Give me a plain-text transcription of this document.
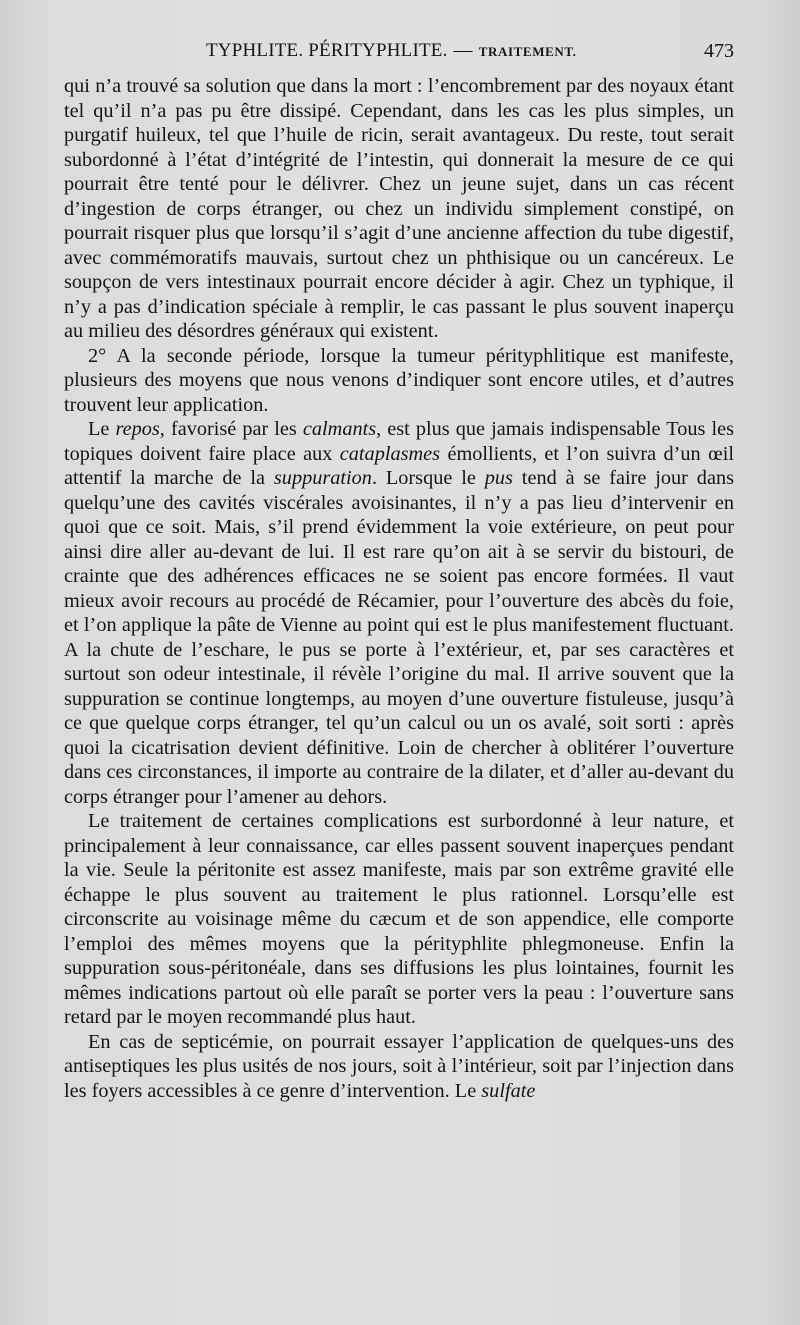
TYPHLITE. PÉRITYPHLITE. — TRAITEMENT.	473

qui n’a trouvé sa solution que dans la mort : l’encombrement par des noyaux étant tel qu’il n’a pas pu être dissipé. Cependant, dans les cas les plus simples, un purgatif huileux, tel que l’huile de ricin, serait avantageux. Du reste, tout serait subordonné à l’état d’intégrité de l’intestin, qui donnerait la mesure de ce qui pourrait être tenté pour le délivrer. Chez un jeune sujet, dans un cas récent d’ingestion de corps étranger, ou chez un individu simplement constipé, on pourrait risquer plus que lorsqu’il s’agit d’une ancienne affection du tube digestif, avec commémoratifs mauvais, surtout chez un phthisique ou un cancéreux. Le soupçon de vers intestinaux pourrait encore décider à agir. Chez un typhique, il n’y a pas d’indication spéciale à remplir, le cas passant le plus souvent inaperçu au milieu des désordres généraux qui existent.

2° A la seconde période, lorsque la tumeur pérityphlitique est manifeste, plusieurs des moyens que nous venons d’indiquer sont encore utiles, et d’autres trouvent leur application.

Le repos, favorisé par les calmants, est plus que jamais indispensable Tous les topiques doivent faire place aux cataplasmes émollients, et l’on suivra d’un œil attentif la marche de la suppuration. Lorsque le pus tend à se faire jour dans quelqu’une des cavités viscérales avoisinantes, il n’y a pas lieu d’intervenir en quoi que ce soit. Mais, s’il prend évidemment la voie extérieure, on peut pour ainsi dire aller au-devant de lui. Il est rare qu’on ait à se servir du bistouri, de crainte que des adhérences efficaces ne se soient pas encore formées. Il vaut mieux avoir recours au procédé de Récamier, pour l’ouverture des abcès du foie, et l’on applique la pâte de Vienne au point qui est le plus manifestement fluctuant. A la chute de l’eschare, le pus se porte à l’extérieur, et, par ses caractères et surtout son odeur intestinale, il révèle l’origine du mal. Il arrive souvent que la suppuration se continue longtemps, au moyen d’une ouverture fistuleuse, jusqu’à ce que quelque corps étranger, tel qu’un calcul ou un os avalé, soit sorti : après quoi la cicatrisation devient définitive. Loin de chercher à oblitérer l’ouverture dans ces circonstances, il importe au contraire de la dilater, et d’aller au-devant du corps étranger pour l’amener au dehors.

Le traitement de certaines complications est surbordonné à leur nature, et principalement à leur connaissance, car elles passent souvent inaperçues pendant la vie. Seule la péritonite est assez manifeste, mais par son extrême gravité elle échappe le plus souvent au traitement le plus rationnel. Lorsqu’elle est circonscrite au voisinage même du cæcum et de son appendice, elle comporte l’emploi des mêmes moyens que la pérityphlite phlegmoneuse. Enfin la suppuration sous-péritonéale, dans ses diffusions les plus lointaines, fournit les mêmes indications partout où elle paraît se porter vers la peau : l’ouverture sans retard par le moyen recommandé plus haut.

En cas de septicémie, on pourrait essayer l’application de quelques-uns des antiseptiques les plus usités de nos jours, soit à l’intérieur, soit par l’injection dans les foyers accessibles à ce genre d’intervention. Le sulfate
